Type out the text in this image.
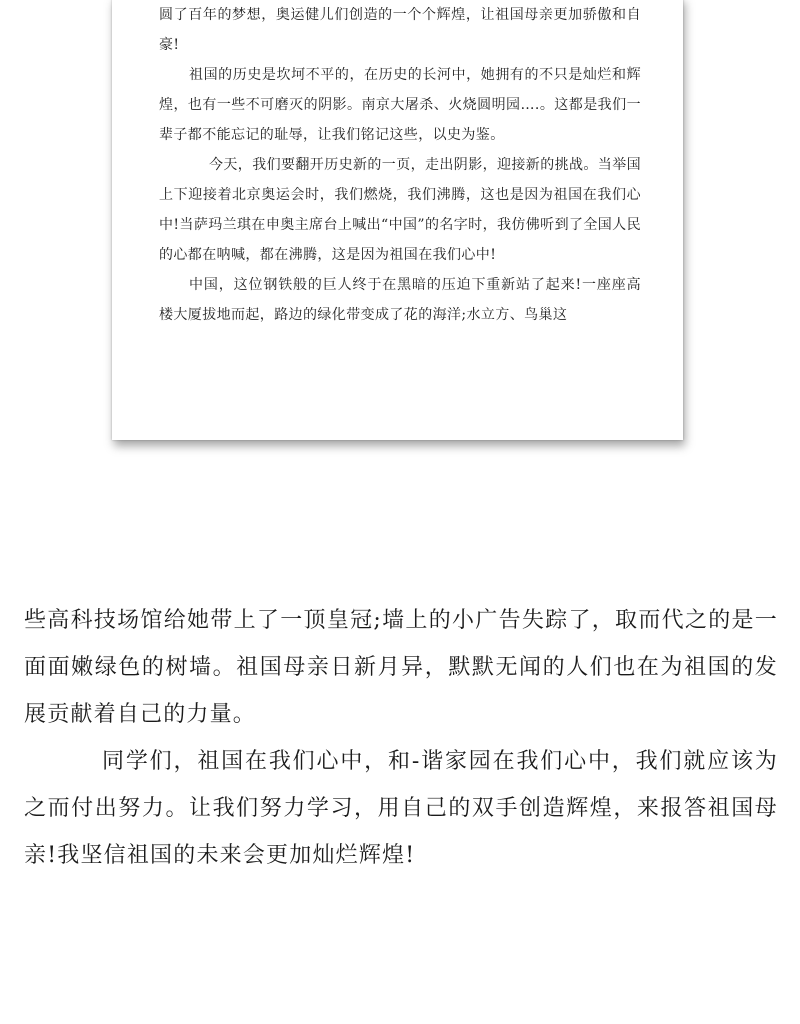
圆了百年的梦想，奥运健儿们创造的一个个辉煌，让祖国母亲更加骄傲和自豪!

祖国的历史是坎坷不平的，在历史的长河中，她拥有的不只是灿烂和辉煌，也有一些不可磨灭的阴影。南京大屠杀、火烧圆明园….。这都是我们一辈子都不能忘记的耻辱，让我们铭记这些，以史为鉴。

今天，我们要翻开历史新的一页，走出阴影，迎接新的挑战。当举国上下迎接着北京奥运会时，我们燃烧，我们沸腾，这也是因为祖国在我们心中!当萨玛兰琪在申奥主席台上喊出“中国”的名字时，我仿佛听到了全国人民的心都在呐喊，都在沸腾，这是因为祖国在我们心中!

中国，这位钢铁般的巨人终于在黑暗的压迫下重新站了起来!一座座高楼大厦拔地而起，路边的绿化带变成了花的海洋;水立方、鸟巢这

些高科技场馆给她带上了一顶皇冠;墙上的小广告失踪了，取而代之的是一面面嫩绿色的树墙。祖国母亲日新月异，默默无闻的人们也在为祖国的发展贡献着自己的力量。

同学们，祖国在我们心中，和-谐家园在我们心中，我们就应该为之而付出努力。让我们努力学习，用自己的双手创造辉煌，来报答祖国母亲!我坚信祖国的未来会更加灿烂辉煌!
